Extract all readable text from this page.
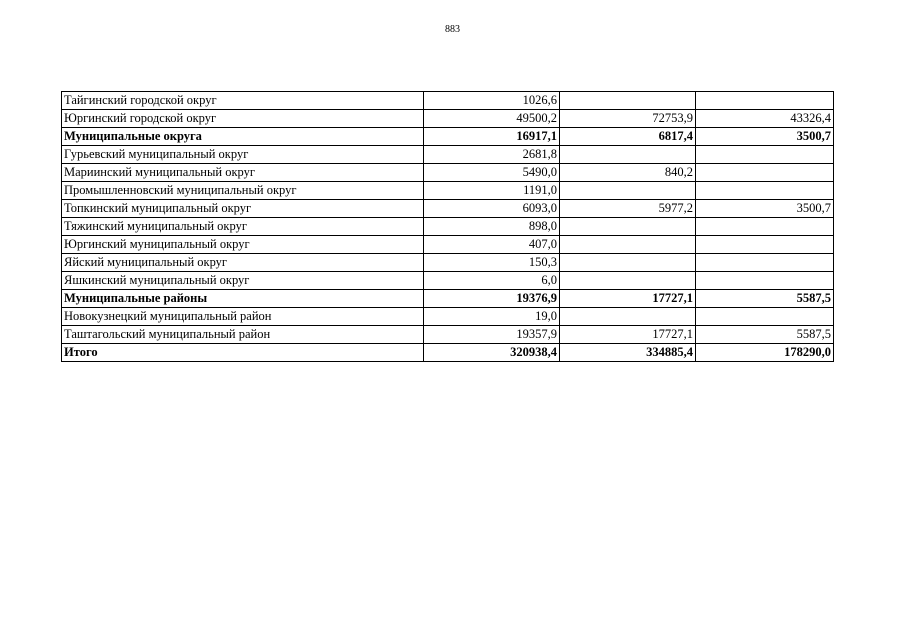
883
Тайгинский городской округ	1026,6		
Юргинский городской округ	49500,2	72753,9	43326,4
Муниципальные округа	16917,1	6817,4	3500,7
Гурьевский муниципальный округ	2681,8		
Мариинский муниципальный округ	5490,0	840,2	
Промышленновский муниципальный округ	1191,0		
Топкинский муниципальный округ	6093,0	5977,2	3500,7
Тяжинский муниципальный округ	898,0		
Юргинский муниципальный округ	407,0		
Яйский муниципальный округ	150,3		
Яшкинский муниципальный округ	6,0		
Муниципальные районы	19376,9	17727,1	5587,5
Новокузнецкий муниципальный район	19,0		
Таштагольский муниципальный район	19357,9	17727,1	5587,5
Итого	320938,4	334885,4	178290,0
